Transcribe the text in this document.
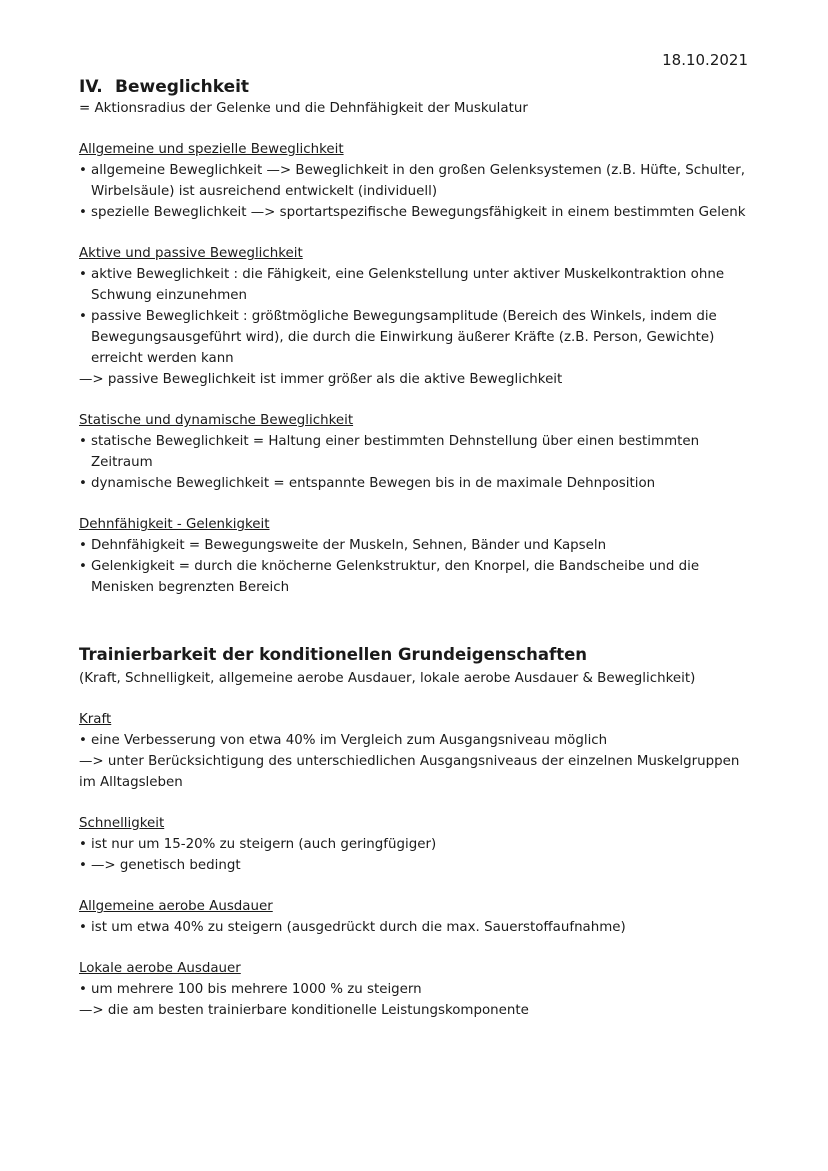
18.10.2021
IV. Beweglichkeit

= Aktionsradius der Gelenke und die Dehnfähigkeit der Muskulatur

Allgemeine und spezielle Beweglichkeit

• allgemeine Beweglichkeit —> Beweglichkeit in den großen Gelenksystemen (z.B. Hüfte, Schulter, Wirbelsäule) ist ausreichend entwickelt (individuell)

• spezielle Beweglichkeit —> sportartspezifische Bewegungsfähigkeit in einem bestimmten Gelenk

Aktive und passive Beweglichkeit

• aktive Beweglichkeit : die Fähigkeit, eine Gelenkstellung unter aktiver Muskelkontraktion ohne Schwung einzunehmen

• passive Beweglichkeit : größtmögliche Bewegungsamplitude (Bereich des Winkels, indem die Bewegungsausgeführt wird), die durch die Einwirkung äußerer Kräfte (z.B. Person, Gewichte) erreicht werden kann

—> passive Beweglichkeit ist immer größer als die aktive Beweglichkeit

Statische und dynamische Beweglichkeit

• statische Beweglichkeit = Haltung einer bestimmten Dehnstellung über einen bestimmten Zeitraum

• dynamische Beweglichkeit = entspannte Bewegen bis in de maximale Dehnposition

Dehnfähigkeit - Gelenkigkeit

• Dehnfähigkeit = Bewegungsweite der Muskeln, Sehnen, Bänder und Kapseln

• Gelenkigkeit = durch die knöcherne Gelenkstruktur, den Knorpel, die Bandscheibe und die Menisken begrenzten Bereich

Trainierbarkeit der konditionellen Grundeigenschaften

(Kraft, Schnelligkeit, allgemeine aerobe Ausdauer, lokale aerobe Ausdauer & Beweglichkeit)

Kraft

• eine Verbesserung von etwa 40% im Vergleich zum Ausgangsniveau möglich

—> unter Berücksichtigung des unterschiedlichen Ausgangsniveaus der einzelnen Muskelgruppen im Alltagsleben

Schnelligkeit

• ist nur um 15-20% zu steigern (auch geringfügiger)

• —> genetisch bedingt

Allgemeine aerobe Ausdauer

• ist um etwa 40% zu steigern (ausgedrückt durch die max. Sauerstoffaufnahme)

Lokale aerobe Ausdauer

• um mehrere 100 bis mehrere 1000 % zu steigern

—> die am besten trainierbare konditionelle Leistungskomponente
